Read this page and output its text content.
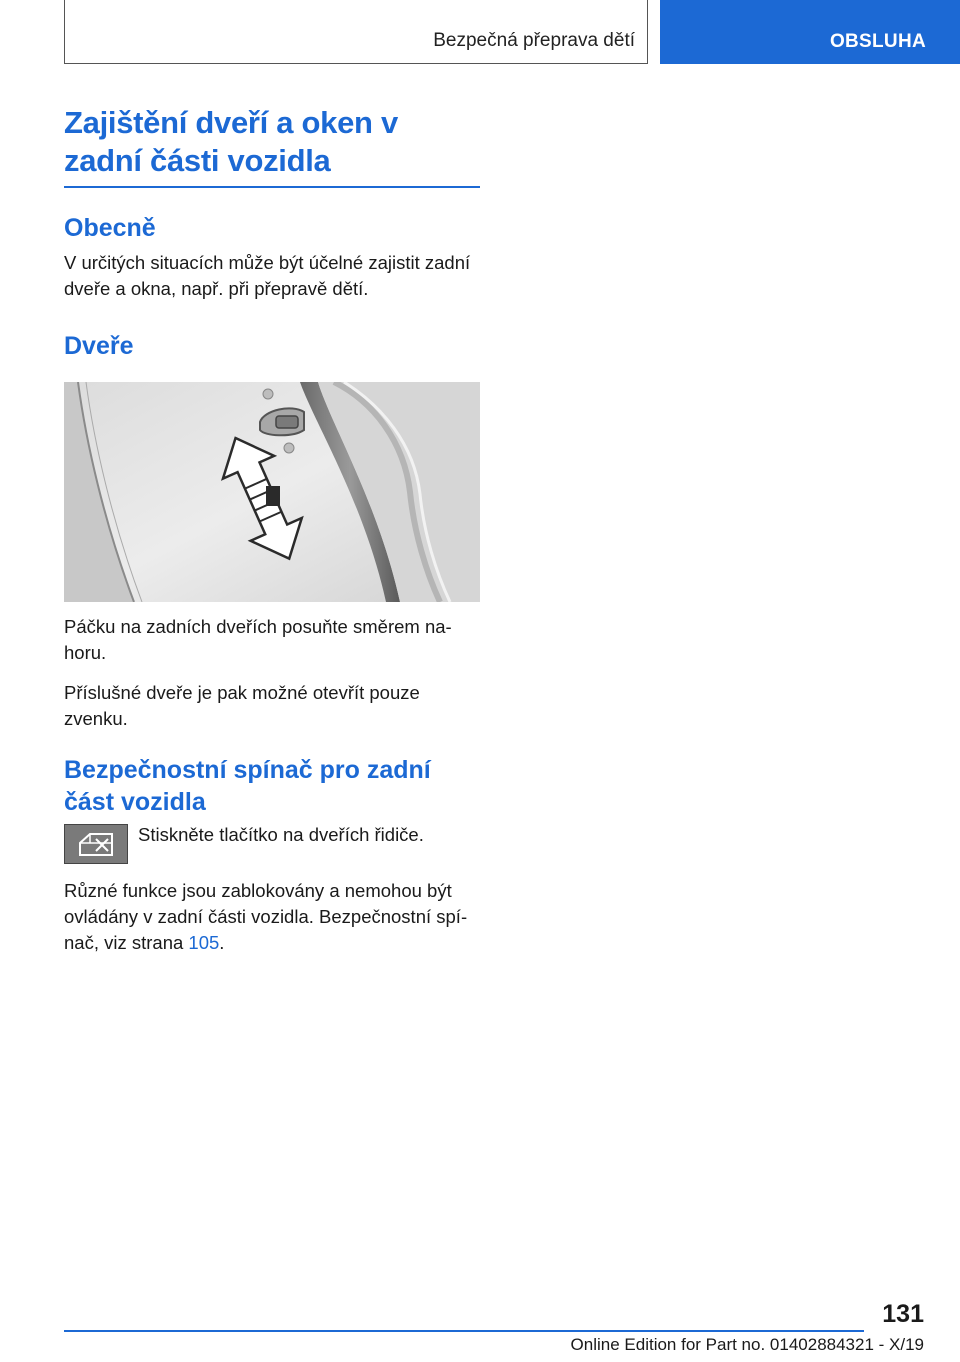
Bezpečná přeprava dětí	OBSLUHA
Zajištění dveří a oken v
zadní části vozidla
Obecně

V určitých situacích může být účelné zajistit zadní dveře a okna, např. při přepravě dětí.

Dveře

Páčku na zadních dveřích posuňte směrem nahoru.

Příslušné dveře je pak možné otevřít pouze zvenku.

Bezpečnostní spínač pro zadní část vozidla

Stiskněte tlačítko na dveřích řidiče.

Různé funkce jsou zablokovány a nemohou být ovládány v zadní části vozidla. Bezpečnostní spínač, viz strana 105.

131
Online Edition for Part no. 01402884321 - X/19
